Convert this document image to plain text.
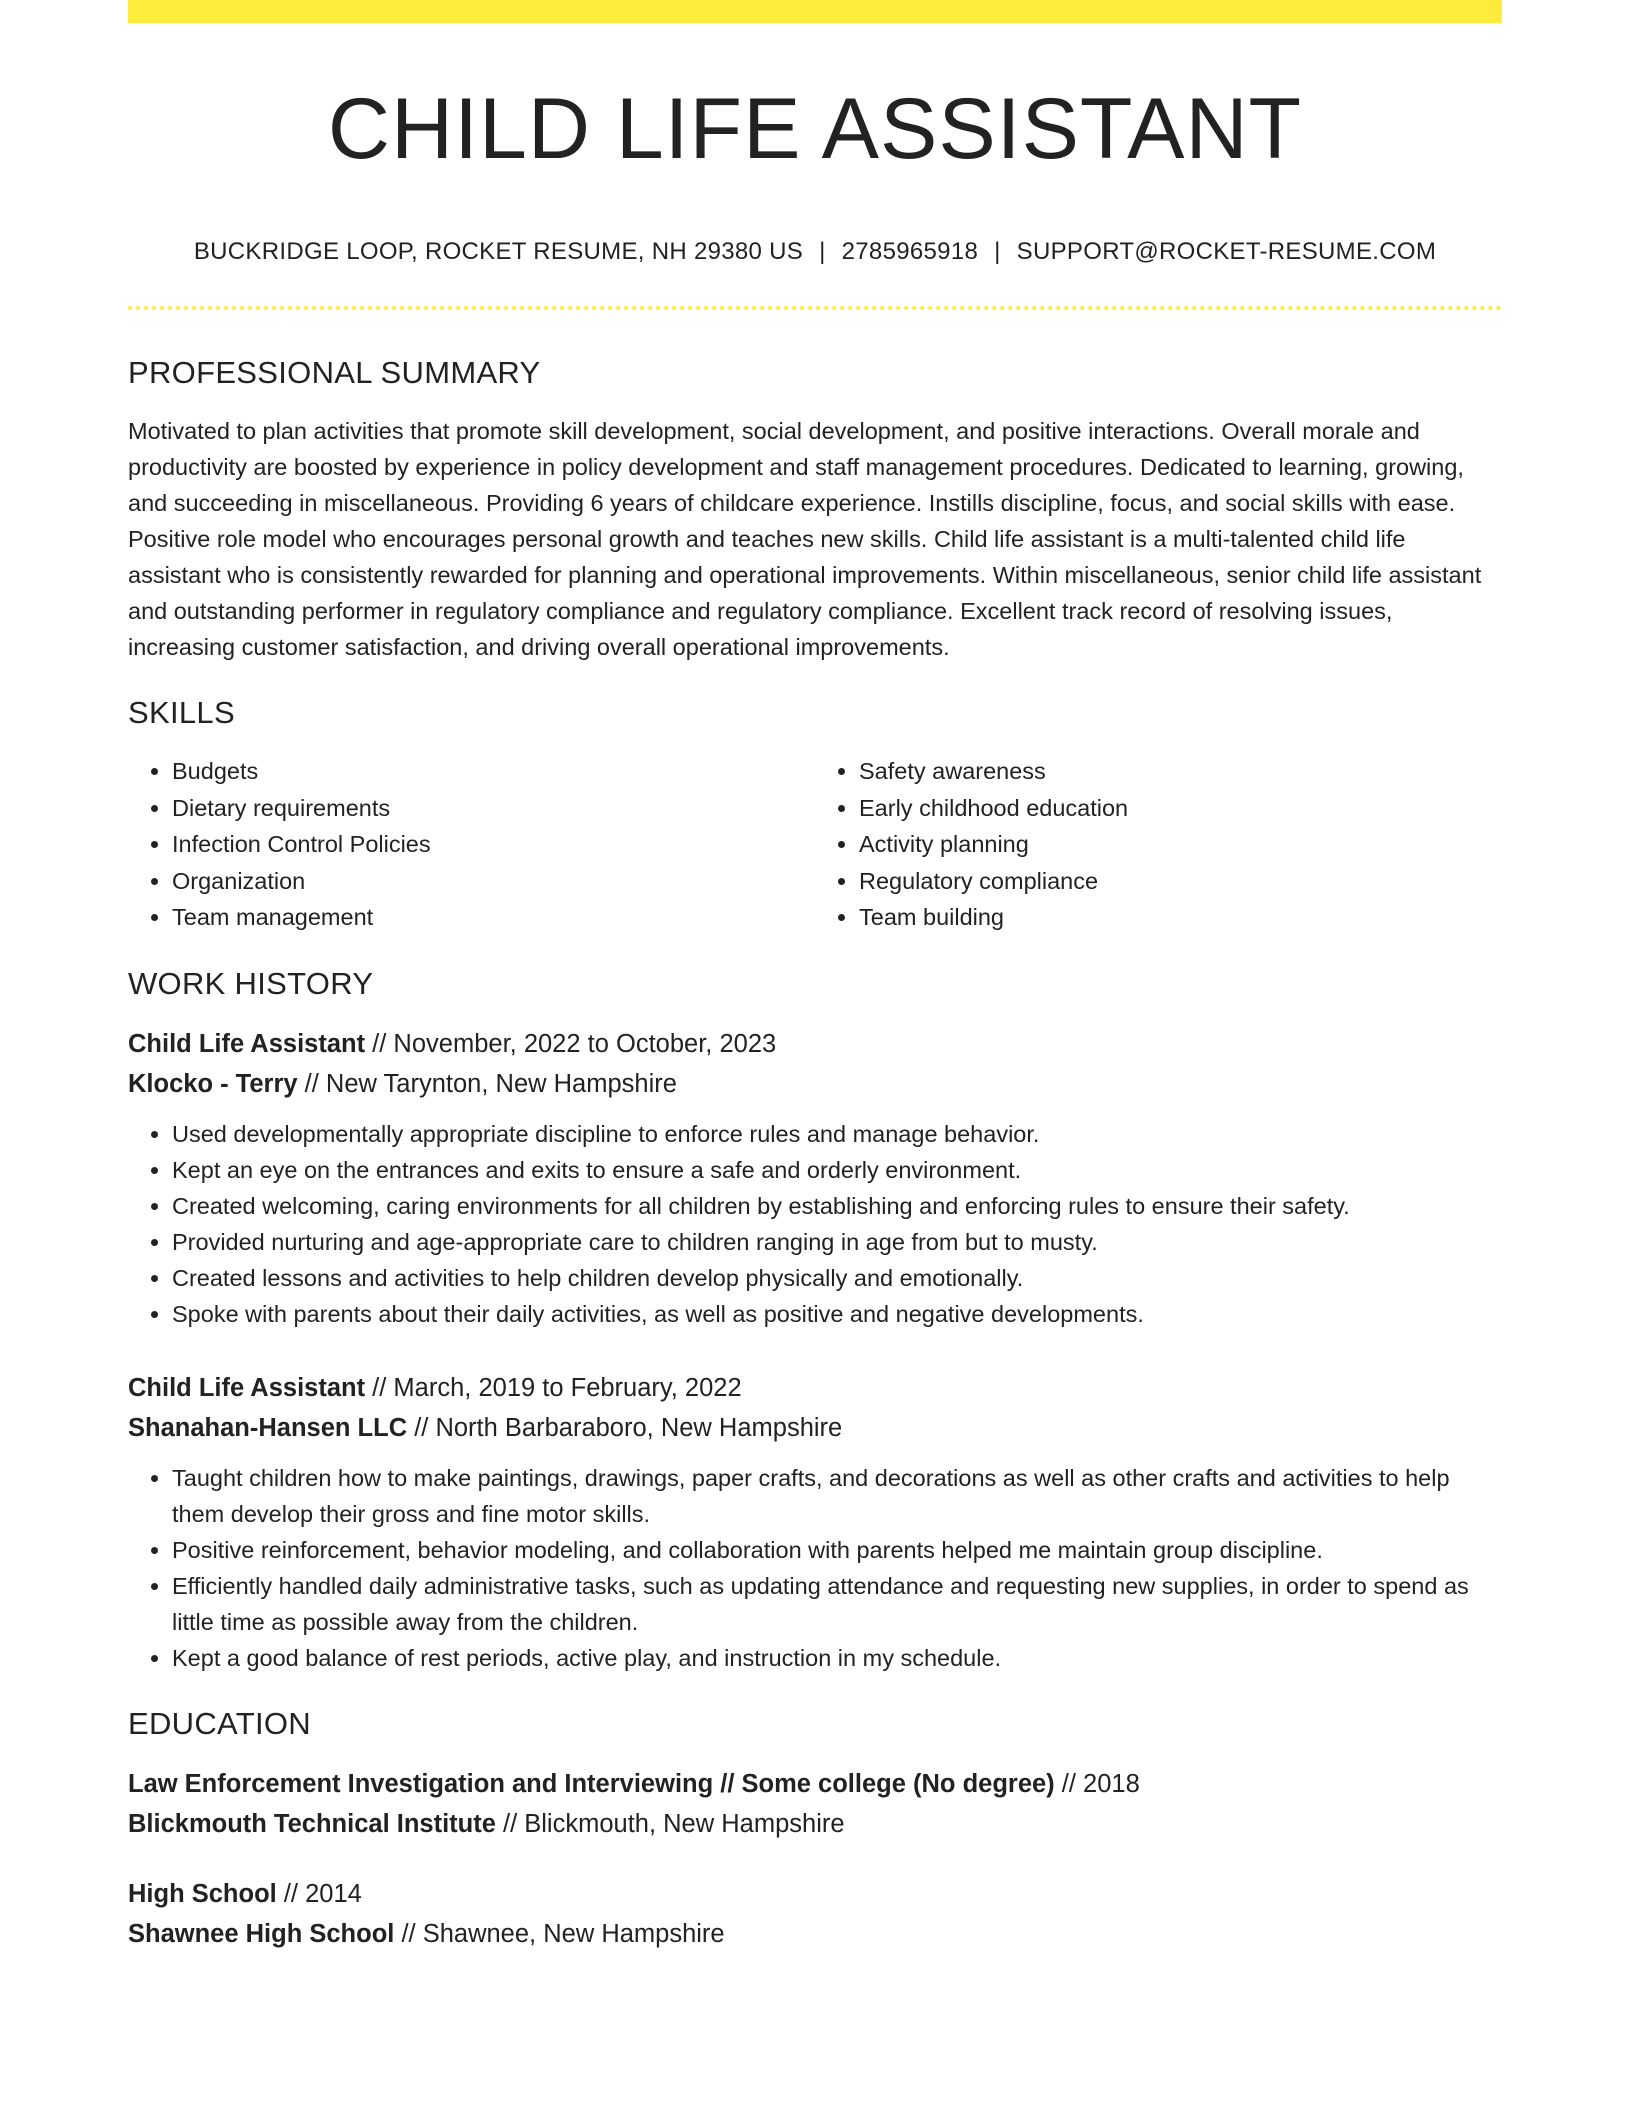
CHILD LIFE ASSISTANT
BUCKRIDGE LOOP, ROCKET RESUME, NH 29380 US | 2785965918 | SUPPORT@ROCKET-RESUME.COM
PROFESSIONAL SUMMARY

Motivated to plan activities that promote skill development, social development, and positive interactions. Overall morale and productivity are boosted by experience in policy development and staff management procedures. Dedicated to learning, growing, and succeeding in miscellaneous. Providing 6 years of childcare experience. Instills discipline, focus, and social skills with ease. Positive role model who encourages personal growth and teaches new skills. Child life assistant is a multi-talented child life assistant who is consistently rewarded for planning and operational improvements. Within miscellaneous, senior child life assistant and outstanding performer in regulatory compliance and regulatory compliance. Excellent track record of resolving issues, increasing customer satisfaction, and driving overall operational improvements.

SKILLS
• Budgets
• Dietary requirements
• Infection Control Policies
• Organization
• Team management
• Safety awareness
• Early childhood education
• Activity planning
• Regulatory compliance
• Team building
WORK HISTORY
Child Life Assistant // November, 2022 to October, 2023
Klocko - Terry // New Tarynton, New Hampshire
• Used developmentally appropriate discipline to enforce rules and manage behavior.
• Kept an eye on the entrances and exits to ensure a safe and orderly environment.
• Created welcoming, caring environments for all children by establishing and enforcing rules to ensure their safety.
• Provided nurturing and age-appropriate care to children ranging in age from but to musty.
• Created lessons and activities to help children develop physically and emotionally.
• Spoke with parents about their daily activities, as well as positive and negative developments.
Child Life Assistant // March, 2019 to February, 2022
Shanahan-Hansen LLC // North Barbaraboro, New Hampshire
• Taught children how to make paintings, drawings, paper crafts, and decorations as well as other crafts and activities to help them develop their gross and fine motor skills.
• Positive reinforcement, behavior modeling, and collaboration with parents helped me maintain group discipline.
• Efficiently handled daily administrative tasks, such as updating attendance and requesting new supplies, in order to spend as little time as possible away from the children.
• Kept a good balance of rest periods, active play, and instruction in my schedule.
EDUCATION
Law Enforcement Investigation and Interviewing // Some college (No degree) // 2018
Blickmouth Technical Institute // Blickmouth, New Hampshire
High School // 2014
Shawnee High School // Shawnee, New Hampshire
